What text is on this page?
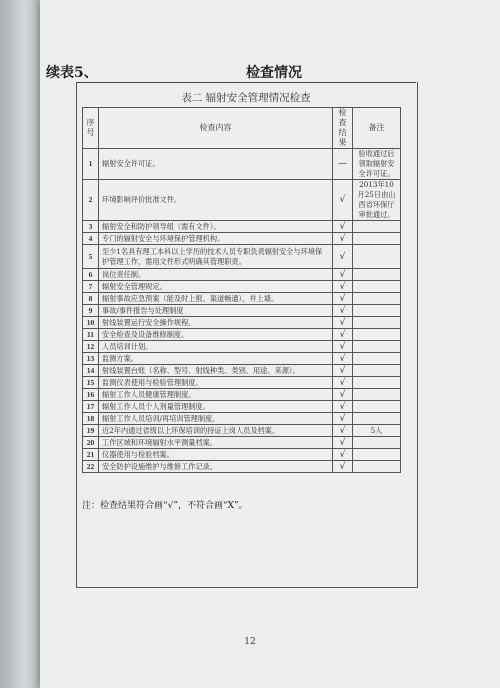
续表5、	检查情况
表二 辐射安全管理情况检查
序号	检查内容	检查结果	备注
1	辐射安全许可证。	—	验收通过后领取辐射安全许可证。
2	环境影响评价批准文件。	√	2013年10月25日由山西省环保厅审批通过。
3	辐射安全和防护领导组（需有文件）。	√	
4	专门的辐射安全与环境保护管理机构。	√	
5	至少1名具有理工本科以上学历的技术人员专职负责辐射安全与环境保护管理工作，需用文件形式明确其管理职责。	√	
6	岗位责任制。	√	
7	辐射安全管理规定。	√	
8	辐射事故应急预案（能及时上报、渠道畅通），并上墙。	√	
9	事故/事件报告与处理制度	√	
10	射线装置运行安全操作规程。	√	
11	安全检查及设备维修制度。	√	
12	人员培训计划。	√	
13	监测方案。	√	
14	射线装置台账（名称、型号、射线种类、类别、用途、来源）。	√	
15	监测仪表使用与检验管理制度。	√	
16	辐射工作人员健康管理制度。	√	
17	辐射工作人员个人剂量管理制度。	√	
18	辐射工作人员培训/再培训管理制度。	√	
19	近2年内通过省级以上环保培训的持证上岗人员及档案。	√	5人
20	工作区域和环境辐射水平测量档案。	√	
21	仪器使用与检验档案。	√	
22	安全防护设施维护与维修工作记录。	√	
注：检查结果符合画“√”，不符合画“X”。
12
